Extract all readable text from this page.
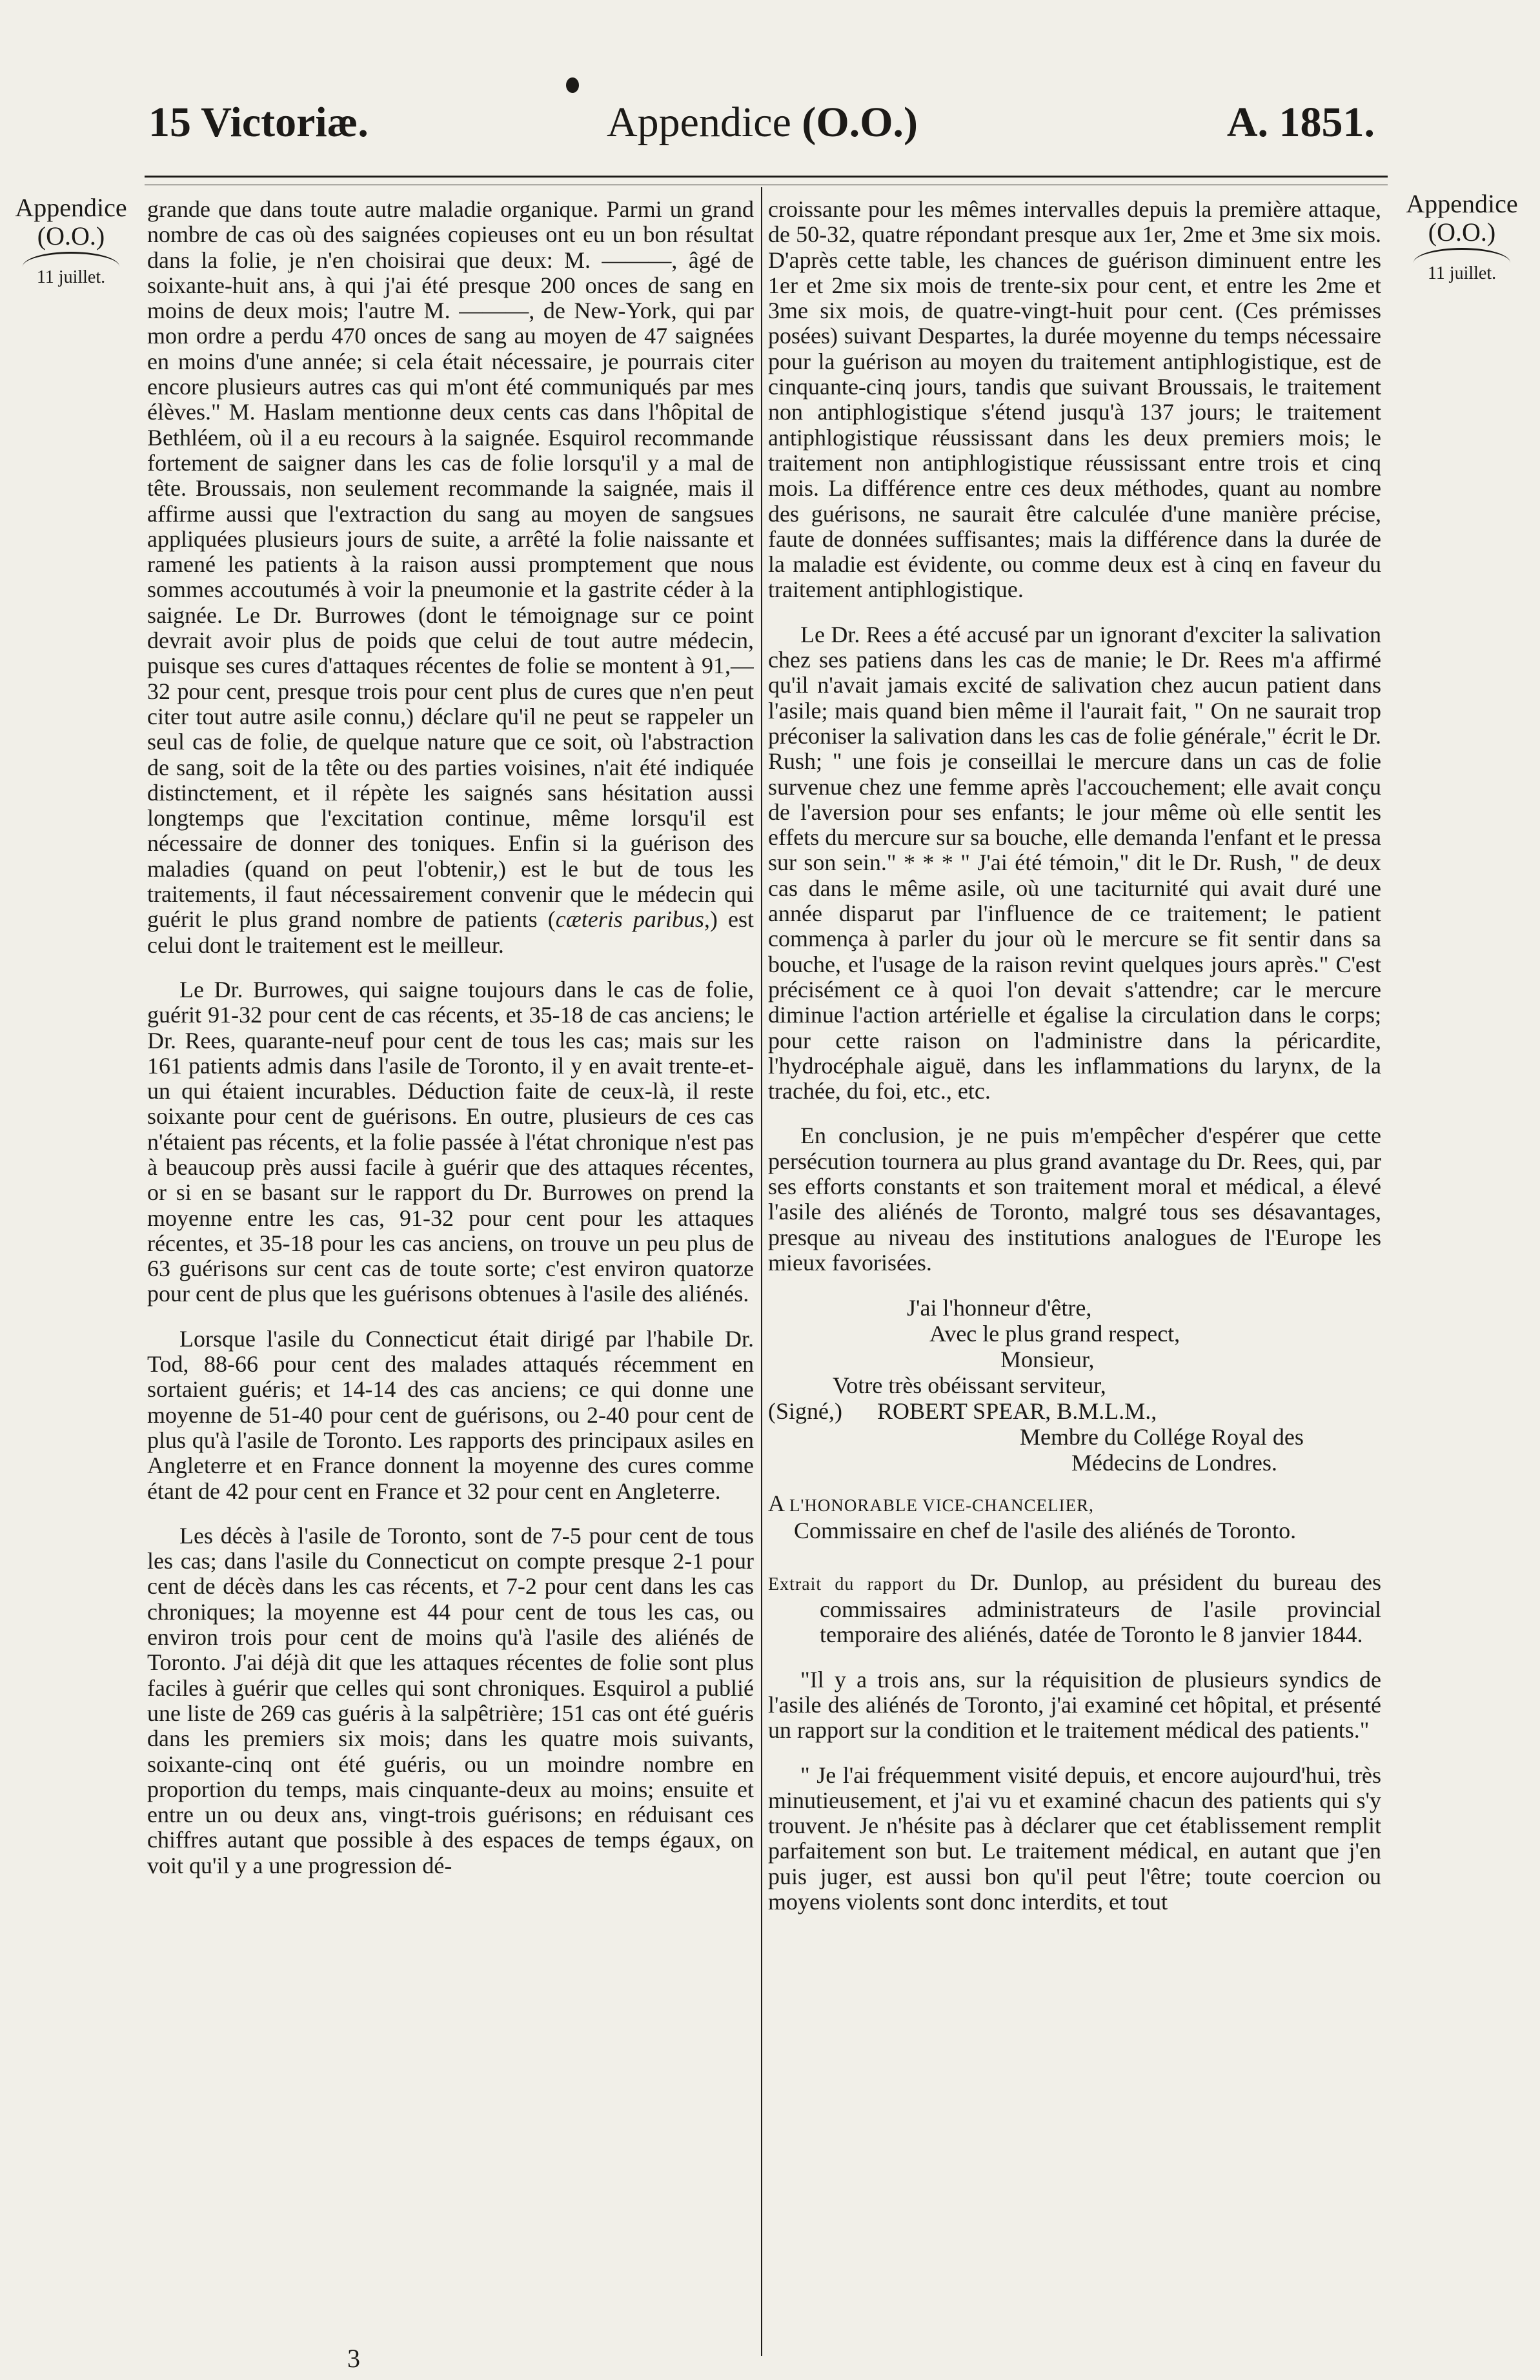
15 Victoriæ.	Appendice (O.O.)	A. 1851.
Appendice
(O.O.)
11 juillet.
Appendice
(O.O.)
11 juillet.

grande que dans toute autre maladie organique. Parmi un grand nombre de cas où des saignées copieuses ont eu un bon résultat dans la folie, je n'en choisirai que deux: M. ———, âgé de soixante-huit ans, à qui j'ai été presque 200 onces de sang en moins de deux mois; l'autre M. ———, de New-York, qui par mon ordre a perdu 470 onces de sang au moyen de 47 saignées en moins d'une année; si cela était nécessaire, je pourrais citer encore plusieurs autres cas qui m'ont été communiqués par mes élèves." M. Haslam mentionne deux cents cas dans l'hôpital de Bethléem, où il a eu recours à la saignée. Esquirol recommande fortement de saigner dans les cas de folie lorsqu'il y a mal de tête. Broussais, non seulement recommande la saignée, mais il affirme aussi que l'extraction du sang au moyen de sangsues appliquées plusieurs jours de suite, a arrêté la folie naissante et ramené les patients à la raison aussi promptement que nous sommes accoutumés à voir la pneumonie et la gastrite céder à la saignée. Le Dr. Burrowes (dont le témoignage sur ce point devrait avoir plus de poids que celui de tout autre médecin, puisque ses cures d'attaques récentes de folie se montent à 91,—32 pour cent, presque trois pour cent plus de cures que n'en peut citer tout autre asile connu,) déclare qu'il ne peut se rappeler un seul cas de folie, de quelque nature que ce soit, où l'abstraction de sang, soit de la tête ou des parties voisines, n'ait été indiquée distinctement, et il répète les saignés sans hésitation aussi longtemps que l'excitation continue, même lorsqu'il est nécessaire de donner des toniques. Enfin si la guérison des maladies (quand on peut l'obtenir,) est le but de tous les traitements, il faut nécessairement convenir que le médecin qui guérit le plus grand nombre de patients (cæteris paribus,) est celui dont le traitement est le meilleur.

Le Dr. Burrowes, qui saigne toujours dans le cas de folie, guérit 91-32 pour cent de cas récents, et 35-18 de cas anciens; le Dr. Rees, quarante-neuf pour cent de tous les cas; mais sur les 161 patients admis dans l'asile de Toronto, il y en avait trente-et-un qui étaient incurables. Déduction faite de ceux-là, il reste soixante pour cent de guérisons. En outre, plusieurs de ces cas n'étaient pas récents, et la folie passée à l'état chronique n'est pas à beaucoup près aussi facile à guérir que des attaques récentes, or si en se basant sur le rapport du Dr. Burrowes on prend la moyenne entre les cas, 91-32 pour cent pour les attaques récentes, et 35-18 pour les cas anciens, on trouve un peu plus de 63 guérisons sur cent cas de toute sorte; c'est environ quatorze pour cent de plus que les guérisons obtenues à l'asile des aliénés.

Lorsque l'asile du Connecticut était dirigé par l'habile Dr. Tod, 88-66 pour cent des malades attaqués récemment en sortaient guéris; et 14-14 des cas anciens; ce qui donne une moyenne de 51-40 pour cent de guérisons, ou 2-40 pour cent de plus qu'à l'asile de Toronto. Les rapports des principaux asiles en Angleterre et en France donnent la moyenne des cures comme étant de 42 pour cent en France et 32 pour cent en Angleterre.

Les décès à l'asile de Toronto, sont de 7-5 pour cent de tous les cas; dans l'asile du Connecticut on compte presque 2-1 pour cent de décès dans les cas récents, et 7-2 pour cent dans les cas chroniques; la moyenne est 44 pour cent de tous les cas, ou environ trois pour cent de moins qu'à l'asile des aliénés de Toronto. J'ai déjà dit que les attaques récentes de folie sont plus faciles à guérir que celles qui sont chroniques. Esquirol a publié une liste de 269 cas guéris à la salpêtrière; 151 cas ont été guéris dans les premiers six mois; dans les quatre mois suivants, soixante-cinq ont été guéris, ou un moindre nombre en proportion du temps, mais cinquante-deux au moins; ensuite et entre un ou deux ans, vingt-trois guérisons; en réduisant ces chiffres autant que possible à des espaces de temps égaux, on voit qu'il y a une progression dé-

croissante pour les mêmes intervalles depuis la première attaque, de 50-32, quatre répondant presque aux 1er, 2me et 3me six mois. D'après cette table, les chances de guérison diminuent entre les 1er et 2me six mois de trente-six pour cent, et entre les 2me et 3me six mois, de quatre-vingt-huit pour cent. (Ces prémisses posées) suivant Despartes, la durée moyenne du temps nécessaire pour la guérison au moyen du traitement antiphlogistique, est de cinquante-cinq jours, tandis que suivant Broussais, le traitement non antiphlogistique s'étend jusqu'à 137 jours; le traitement antiphlogistique réussissant dans les deux premiers mois; le traitement non antiphlogistique réussissant entre trois et cinq mois. La différence entre ces deux méthodes, quant au nombre des guérisons, ne saurait être calculée d'une manière précise, faute de données suffisantes; mais la différence dans la durée de la maladie est évidente, ou comme deux est à cinq en faveur du traitement antiphlogistique.

Le Dr. Rees a été accusé par un ignorant d'exciter la salivation chez ses patiens dans les cas de manie; le Dr. Rees m'a affirmé qu'il n'avait jamais excité de salivation chez aucun patient dans l'asile; mais quand bien même il l'aurait fait, " On ne saurait trop préconiser la salivation dans les cas de folie générale," écrit le Dr. Rush; " une fois je conseillai le mercure dans un cas de folie survenue chez une femme après l'accouchement; elle avait conçu de l'aversion pour ses enfants; le jour même où elle sentit les effets du mercure sur sa bouche, elle demanda l'enfant et le pressa sur son sein." * * * " J'ai été témoin," dit le Dr. Rush, " de deux cas dans le même asile, où une taciturnité qui avait duré une année disparut par l'influence de ce traitement; le patient commença à parler du jour où le mercure se fit sentir dans sa bouche, et l'usage de la raison revint quelques jours après." C'est précisément ce à quoi l'on devait s'attendre; car le mercure diminue l'action artérielle et égalise la circulation dans le corps; pour cette raison on l'administre dans la péricardite, l'hydrocéphale aiguë, dans les inflammations du larynx, de la trachée, du foi, etc., etc.

En conclusion, je ne puis m'empêcher d'espérer que cette persécution tournera au plus grand avantage du Dr. Rees, qui, par ses efforts constants et son traitement moral et médical, a élevé l'asile des aliénés de Toronto, malgré tous ses désavantages, presque au niveau des institutions analogues de l'Europe les mieux favorisées.

J'ai l'honneur d'être,
Avec le plus grand respect,
Monsieur,
Votre très obéissant serviteur,
(Signé,) ROBERT SPEAR, B.M.L.M.,
Membre du Collége Royal des
Médecins de Londres.
A L'HONORABLE VICE-CHANCELIER,
Commissaire en chef de l'asile des aliénés de Toronto.

Extrait du rapport du Dr. Dunlop, au président du bureau des commissaires administrateurs de l'asile provincial temporaire des aliénés, datée de Toronto le 8 janvier 1844.

"Il y a trois ans, sur la réquisition de plusieurs syndics de l'asile des aliénés de Toronto, j'ai examiné cet hôpital, et présenté un rapport sur la condition et le traitement médical des patients."

" Je l'ai fréquemment visité depuis, et encore aujourd'hui, très minutieusement, et j'ai vu et examiné chacun des patients qui s'y trouvent. Je n'hésite pas à déclarer que cet établissement remplit parfaitement son but. Le traitement médical, en autant que j'en puis juger, est aussi bon qu'il peut l'être; toute coercion ou moyens violents sont donc interdits, et tout

3
